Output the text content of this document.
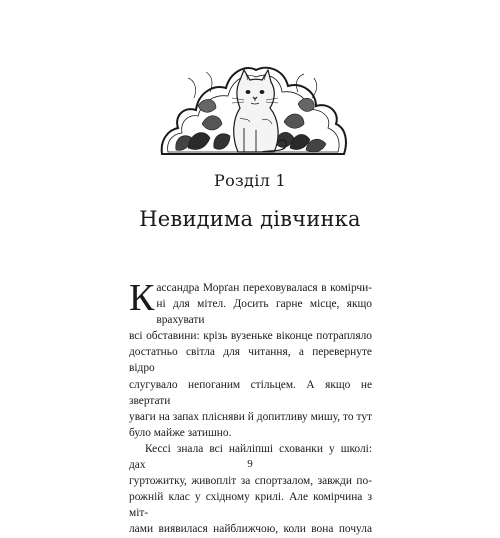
Розділ 1
Невидима дівчинка
К ассандра Морґан переховувалася в комірчи-

ні для мітел. Досить гарне місце, якщо врахувати

всі обставини: крізь вузеньке віконце потрапляло

достатньо світла для читання, а перевернуте відро

слугувало непоганим стільцем. А якщо не звертати

уваги на запах плісняви й допитливу мишу, то тут

було майже затишно.

Кессі знала всі найліпші схованки у школі: дах

гуртожитку, живопліт за спортзалом, завжди по-

рожній клас у східному крилі. Але комірчина з міт-

лами виявилася найближчою, коли вона почула

9
